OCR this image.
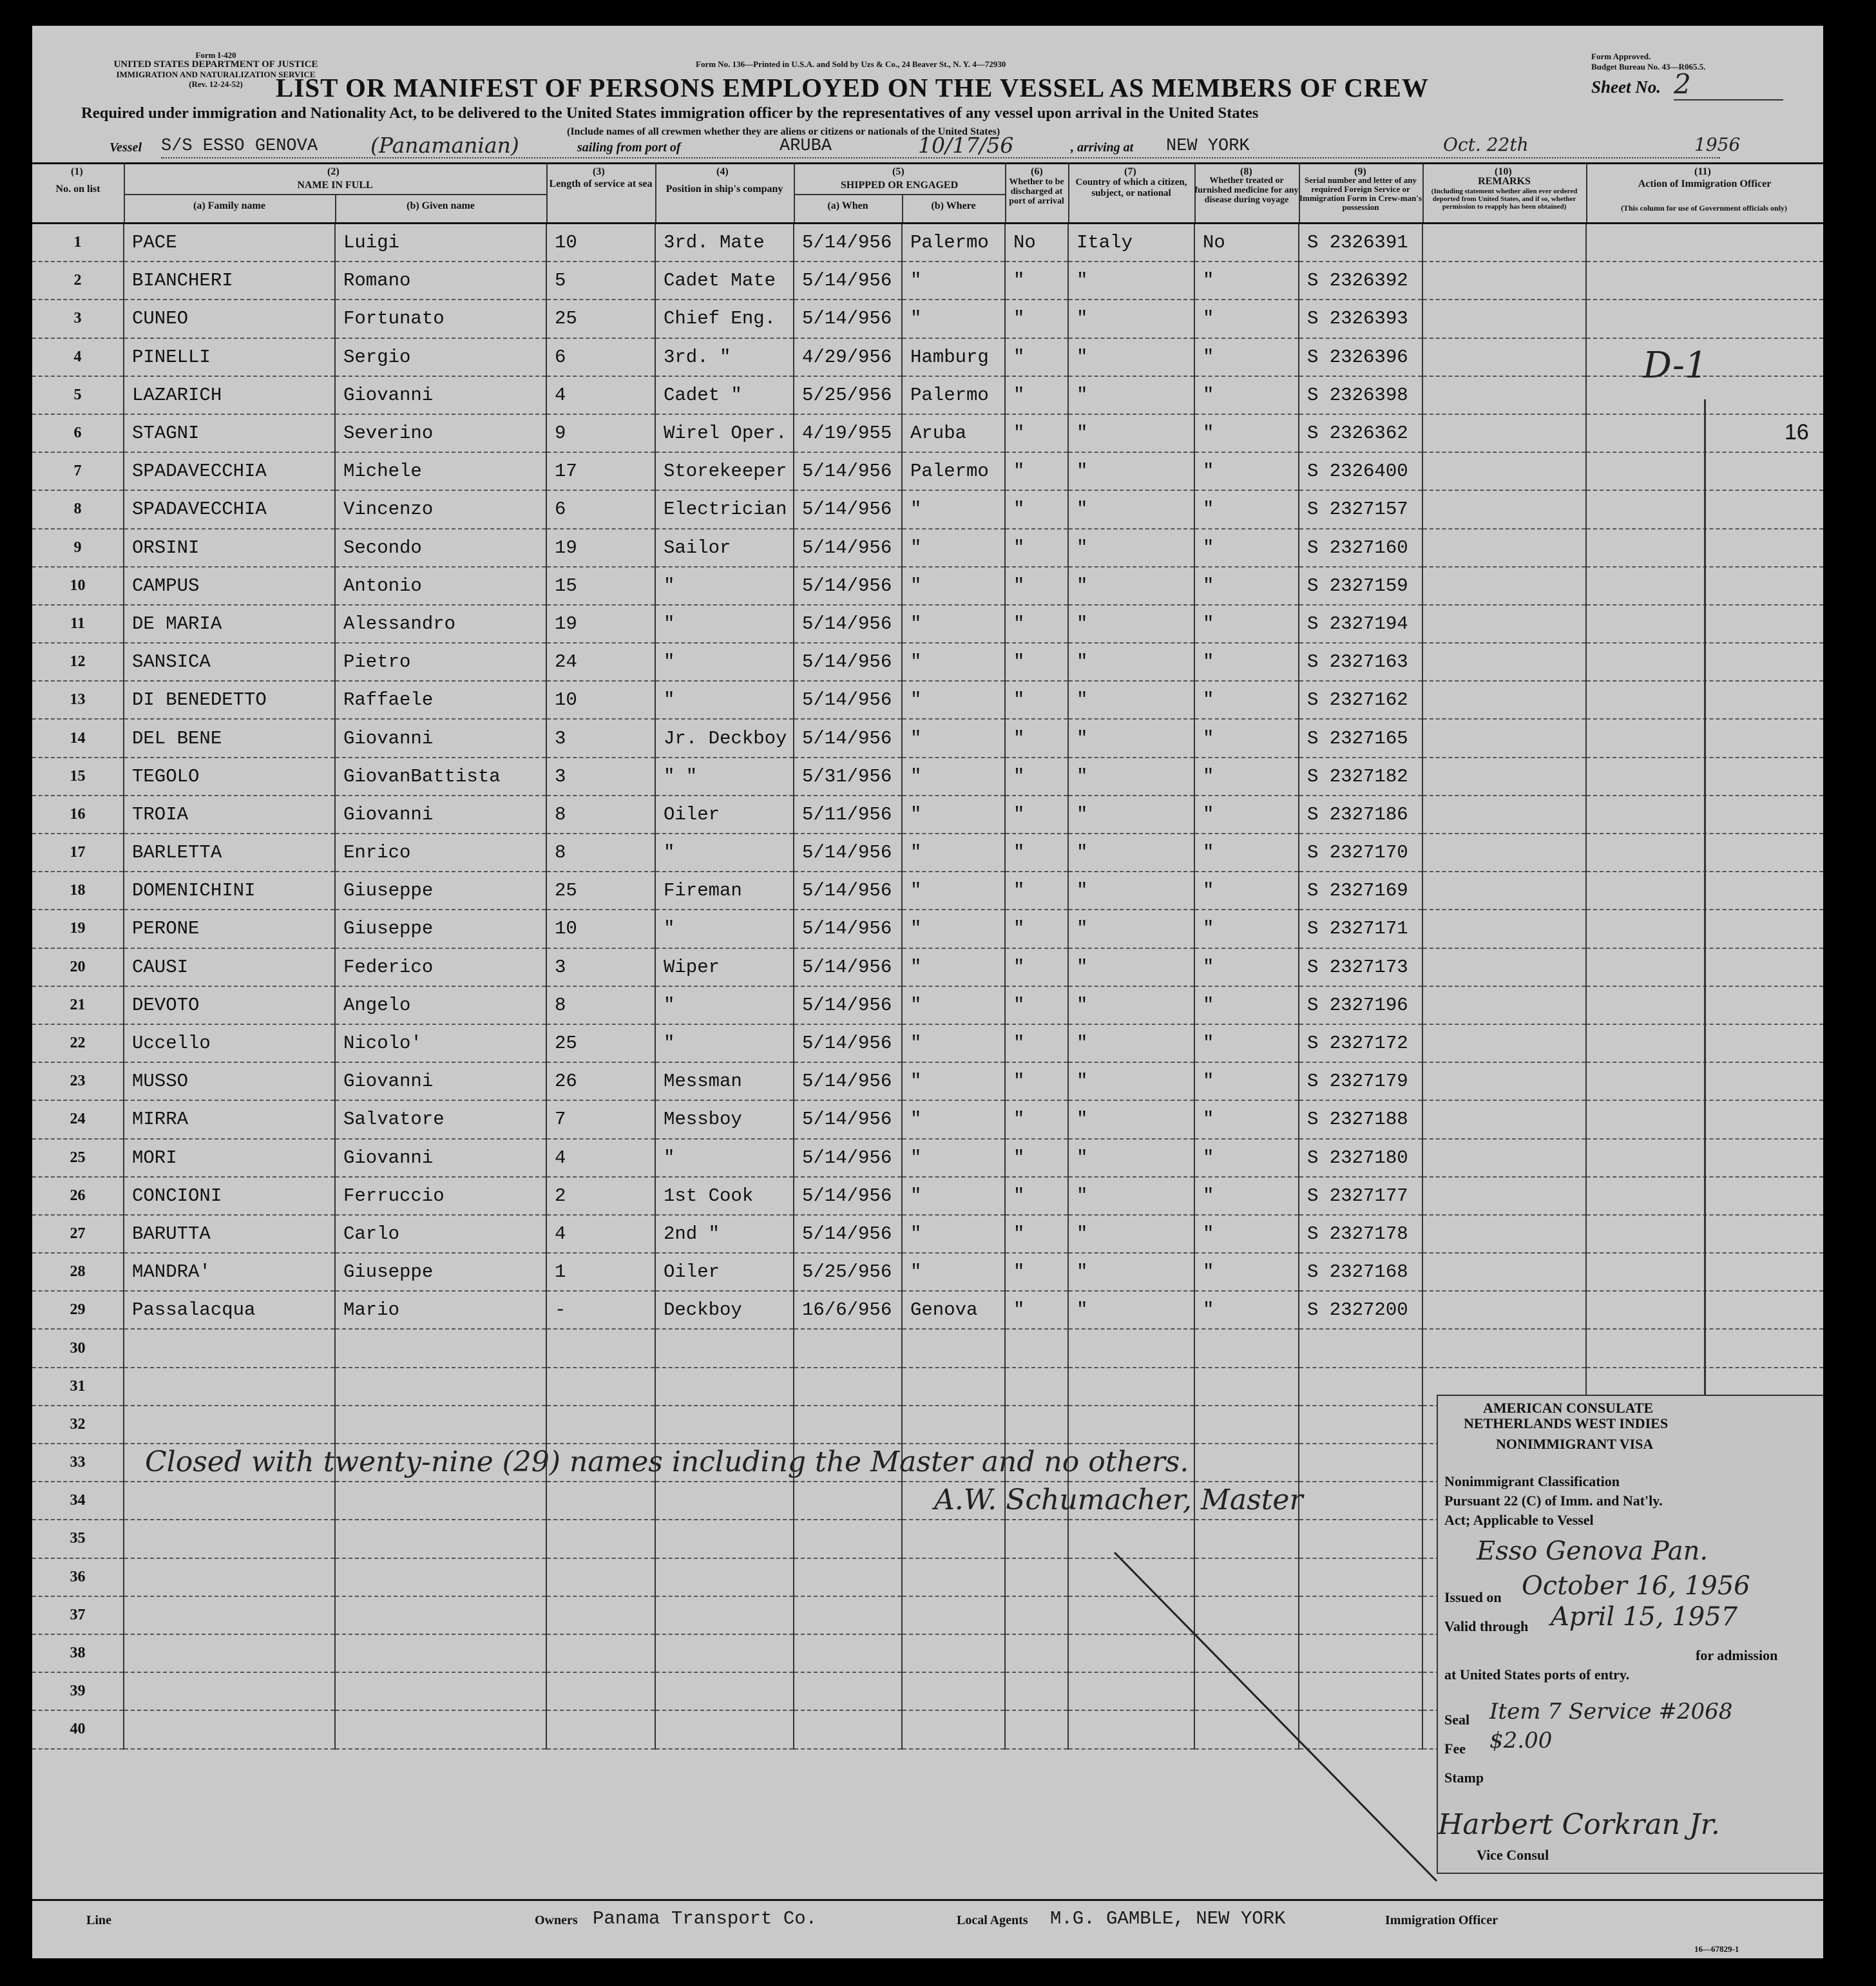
Form I-420
UNITED STATES DEPARTMENT OF JUSTICE
IMMIGRATION AND NATURALIZATION SERVICE
(Rev. 12-24-52)
Form No. 136—Printed in U.S.A. and Sold by Uzs & Co., 24 Beaver St., N. Y. 4—72930
Form Approved.
Budget Bureau No. 43—R065.5.
LIST OR MANIFEST OF PERSONS EMPLOYED ON THE VESSEL AS MEMBERS OF CREW	Sheet No. 2
Required under immigration and Nationality Act, to be delivered to the United States immigration officer by the representatives of any vessel upon arrival in the United States
(Include names of all crewmen whether they are aliens or citizens or nationals of the United States)
Vessel S/S ESSO GENOVA (Panamanian)	sailing from port of	ARUBA	10/17/56	, arriving at NEW YORK	Oct. 22th	1956
(1)	(2)	(3)	(4)	(5)	(6)	(7)	(8)	(9)	(10)	(11)
No. on list	NAME IN FULL
(a) Family name	(b) Given name
Length of service at sea	Position in ship's company	SHIPPED OR ENGAGED
(a) When	(b) Where
Whether to be discharged at port of arrival
Country of which a citizen, subject, or national
Whether treated or furnished medicine for any disease during voyage
Serial number and letter of any required Foreign Service or Immigration Form in Crew-man's possession
REMARKS
(Including statement whether alien ever ordered deported from United States, and if so, whether permission to reapply has been obtained)
Action of Immigration Officer
(This column for use of Government officials only)
1	PACE	Luigi	10	3rd. Mate	5/14/956	Palermo	No	Italy	No	S 2326391		
2	BIANCHERI	Romano	5	Cadet Mate	5/14/956	"	"	"	"	S 2326392		
3	CUNEO	Fortunato	25	Chief Eng.	5/14/956	"	"	"	"	S 2326393		
4	PINELLI	Sergio	6	3rd. "	4/29/956	Hamburg	"	"	"	S 2326396		
5	LAZARICH	Giovanni	4	Cadet "	5/25/956	Palermo	"	"	"	S 2326398		
6	STAGNI	Severino	9	Wirel Oper.	4/19/955	Aruba	"	"	"	S 2326362		
7	SPADAVECCHIA	Michele	17	Storekeeper	5/14/956	Palermo	"	"	"	S 2326400		
8	SPADAVECCHIA	Vincenzo	6	Electrician	5/14/956	"	"	"	"	S 2327157		
9	ORSINI	Secondo	19	Sailor	5/14/956	"	"	"	"	S 2327160		
10	CAMPUS	Antonio	15	"	5/14/956	"	"	"	"	S 2327159		
11	DE MARIA	Alessandro	19	"	5/14/956	"	"	"	"	S 2327194		
12	SANSICA	Pietro	24	"	5/14/956	"	"	"	"	S 2327163		
13	DI BENEDETTO	Raffaele	10	"	5/14/956	"	"	"	"	S 2327162		
14	DEL BENE	Giovanni	3	Jr. Deckboy	5/14/956	"	"	"	"	S 2327165		
15	TEGOLO	GiovanBattista	3	" "	5/31/956	"	"	"	"	S 2327182		
16	TROIA	Giovanni	8	Oiler	5/11/956	"	"	"	"	S 2327186		
17	BARLETTA	Enrico	8	"	5/14/956	"	"	"	"	S 2327170		
18	DOMENICHINI	Giuseppe	25	Fireman	5/14/956	"	"	"	"	S 2327169		
19	PERONE	Giuseppe	10	"	5/14/956	"	"	"	"	S 2327171		
20	CAUSI	Federico	3	Wiper	5/14/956	"	"	"	"	S 2327173		
21	DEVOTO	Angelo	8	"	5/14/956	"	"	"	"	S 2327196		
22	Uccello	Nicolo'	25	"	5/14/956	"	"	"	"	S 2327172		
23	MUSSO	Giovanni	26	Messman	5/14/956	"	"	"	"	S 2327179		
24	MIRRA	Salvatore	7	Messboy	5/14/956	"	"	"	"	S 2327188		
25	MORI	Giovanni	4	"	5/14/956	"	"	"	"	S 2327180		
26	CONCIONI	Ferruccio	2	1st Cook	5/14/956	"	"	"	"	S 2327177		
27	BARUTTA	Carlo	4	2nd "	5/14/956	"	"	"	"	S 2327178		
28	MANDRA'	Giuseppe	1	Oiler	5/25/956	"	"	"	"	S 2327168		
29	Passalacqua	Mario	-	Deckboy	16/6/956	Genova	"	"	"	S 2327200		
30												
31												
32												
33												
34												
35												
36												
37												
38												
39												
40												
D-1
16
Closed with twenty-nine (29) names including the Master and no others.
A.W. Schumacher, Master
AMERICAN CONSULATE
NETHERLANDS WEST INDIES
NONIMMIGRANT VISA
Nonimmigrant Classification
Pursuant 22 (C) of Imm. and Nat'ly.
Act; Applicable to Vessel
Esso Genova Pan.
Issued on October 16, 1956
Valid through April 15, 1957
for admission
at United States ports of entry.
Seal Item 7 Service #2068
Fee $2.00
Stamp
Harbert Corkran Jr.
Vice Consul
Line	Owners Panama Transport Co.	Local Agents M.G. GAMBLE, NEW YORK	Immigration Officer
16—67829-1
